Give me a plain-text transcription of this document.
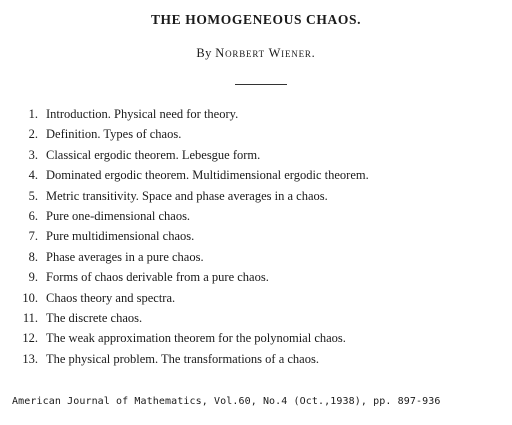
THE HOMOGENEOUS CHAOS.
By Norbert Wiener.
1. Introduction. Physical need for theory.
2. Definition. Types of chaos.
3. Classical ergodic theorem. Lebesgue form.
4. Dominated ergodic theorem. Multidimensional ergodic theorem.
5. Metric transitivity. Space and phase averages in a chaos.
6. Pure one-dimensional chaos.
7. Pure multidimensional chaos.
8. Phase averages in a pure chaos.
9. Forms of chaos derivable from a pure chaos.
10. Chaos theory and spectra.
11. The discrete chaos.
12. The weak approximation theorem for the polynomial chaos.
13. The physical problem. The transformations of a chaos.
American Journal of Mathematics, Vol.60, No.4 (Oct.,1938), pp. 897-936
